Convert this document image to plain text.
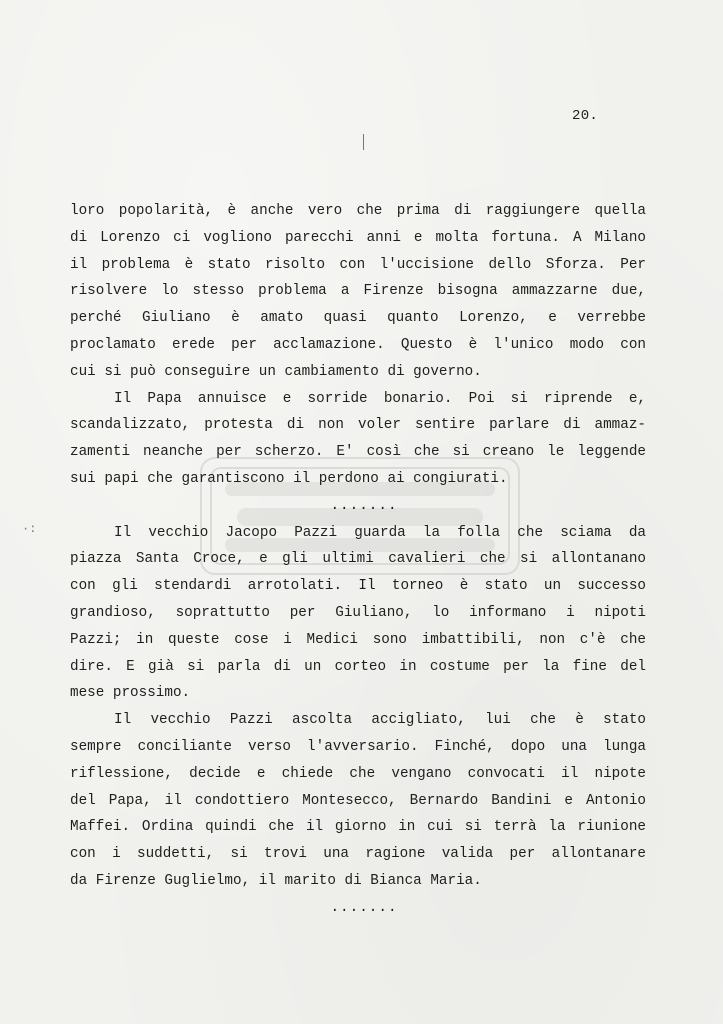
20.
·:
loro popolarità, è anche vero che prima di raggiungere quella
di Lorenzo ci vogliono parecchi anni e molta fortuna. A Milano
il problema è stato risolto con l'uccisione dello Sforza. Per
risolvere lo stesso problema a Firenze bisogna ammazzarne due,
perché Giuliano è amato quasi quanto Lorenzo, e verrebbe
proclamato erede per acclamazione. Questo è l'unico modo con
cui si può conseguire un cambiamento di governo.
Il Papa annuisce e sorride bonario. Poi si riprende e,
scandalizzato, protesta di non voler sentire parlare di ammaz-
zamenti neanche per scherzo. E' così che si creano le leggende
sui papi che garantiscono il perdono ai congiurati.
.......
Il vecchio Jacopo Pazzi guarda la folla che sciama da
piazza Santa Croce, e gli ultimi cavalieri che si allontanano
con gli stendardi arrotolati. Il torneo è stato un successo
grandioso, soprattutto per Giuliano, lo informano i nipoti
Pazzi; in queste cose i Medici sono imbattibili, non c'è che
dire. E già si parla di un corteo in costume per la fine del
mese prossimo.
Il vecchio Pazzi ascolta accigliato, lui che è stato
sempre conciliante verso l'avversario. Finché, dopo una lunga
riflessione, decide e chiede che vengano convocati il nipote
del Papa, il condottiero Montesecco, Bernardo Bandini e Antonio
Maffei. Ordina quindi che il giorno in cui si terrà la riunione
con i suddetti, si trovi una ragione valida per allontanare
da Firenze Guglielmo, il marito di Bianca Maria.
.......
